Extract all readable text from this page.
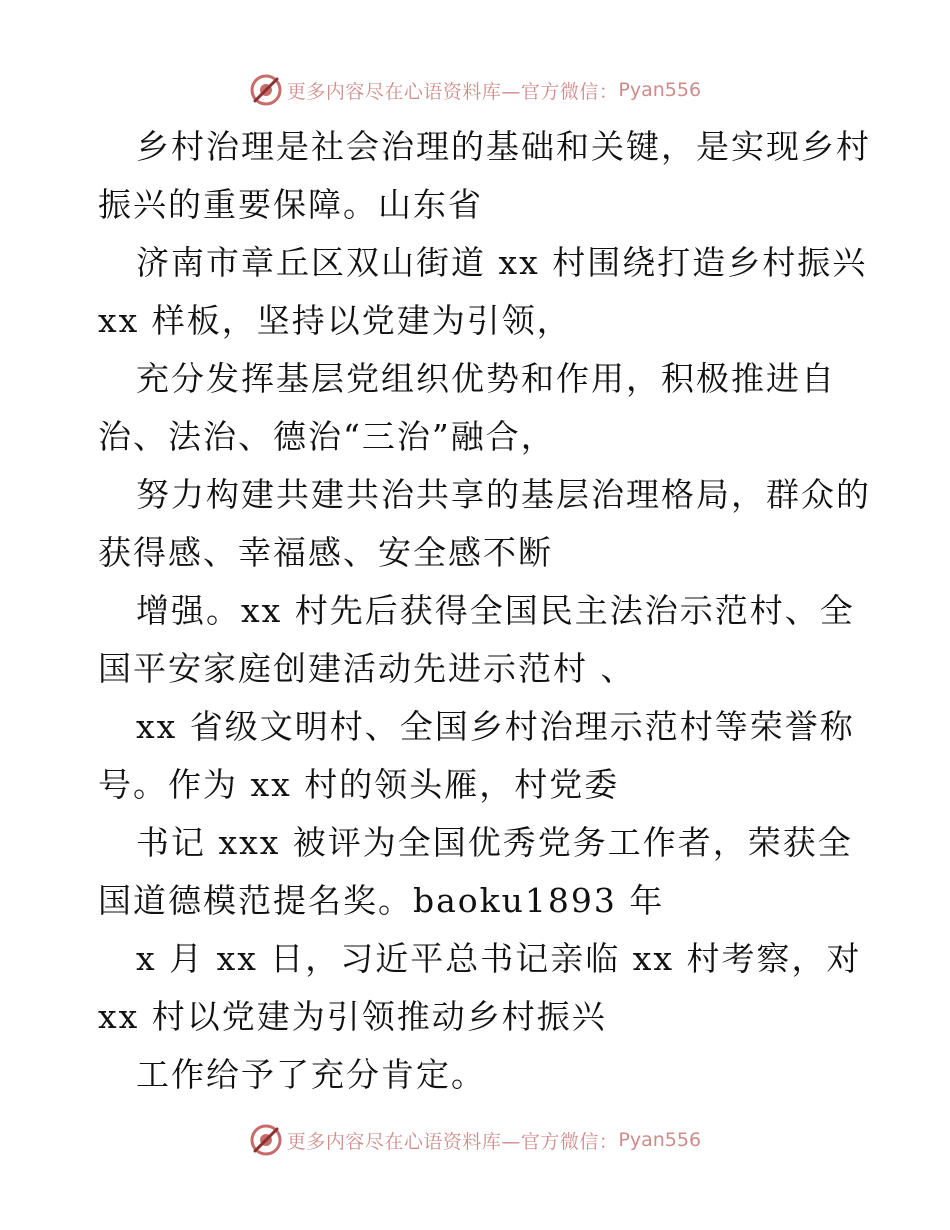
更多内容尽在心语资料库—官方微信： Pyan556
乡村治理是社会治理的基础和关键，是实现乡村
振兴的重要保障。山东省
济南市章丘区双山街道 xx 村围绕打造乡村振兴
xx 样板，坚持以党建为引领，
充分发挥基层党组织优势和作用，积极推进自
治、法治、德治“三治”融合，
努力构建共建共治共享的基层治理格局，群众的
获得感、幸福感、安全感不断
增强。xx 村先后获得全国民主法治示范村、全
国平安家庭创建活动先进示范村 、
xx 省级文明村、全国乡村治理示范村等荣誉称
号。作为 xx 村的领头雁，村党委
书记 xxx 被评为全国优秀党务工作者，荣获全
国道德模范提名奖。baoku1893 年
x 月 xx 日，习近平总书记亲临 xx 村考察，对
xx 村以党建为引领推动乡村振兴
工作给予了充分肯定。
更多内容尽在心语资料库—官方微信： Pyan556
